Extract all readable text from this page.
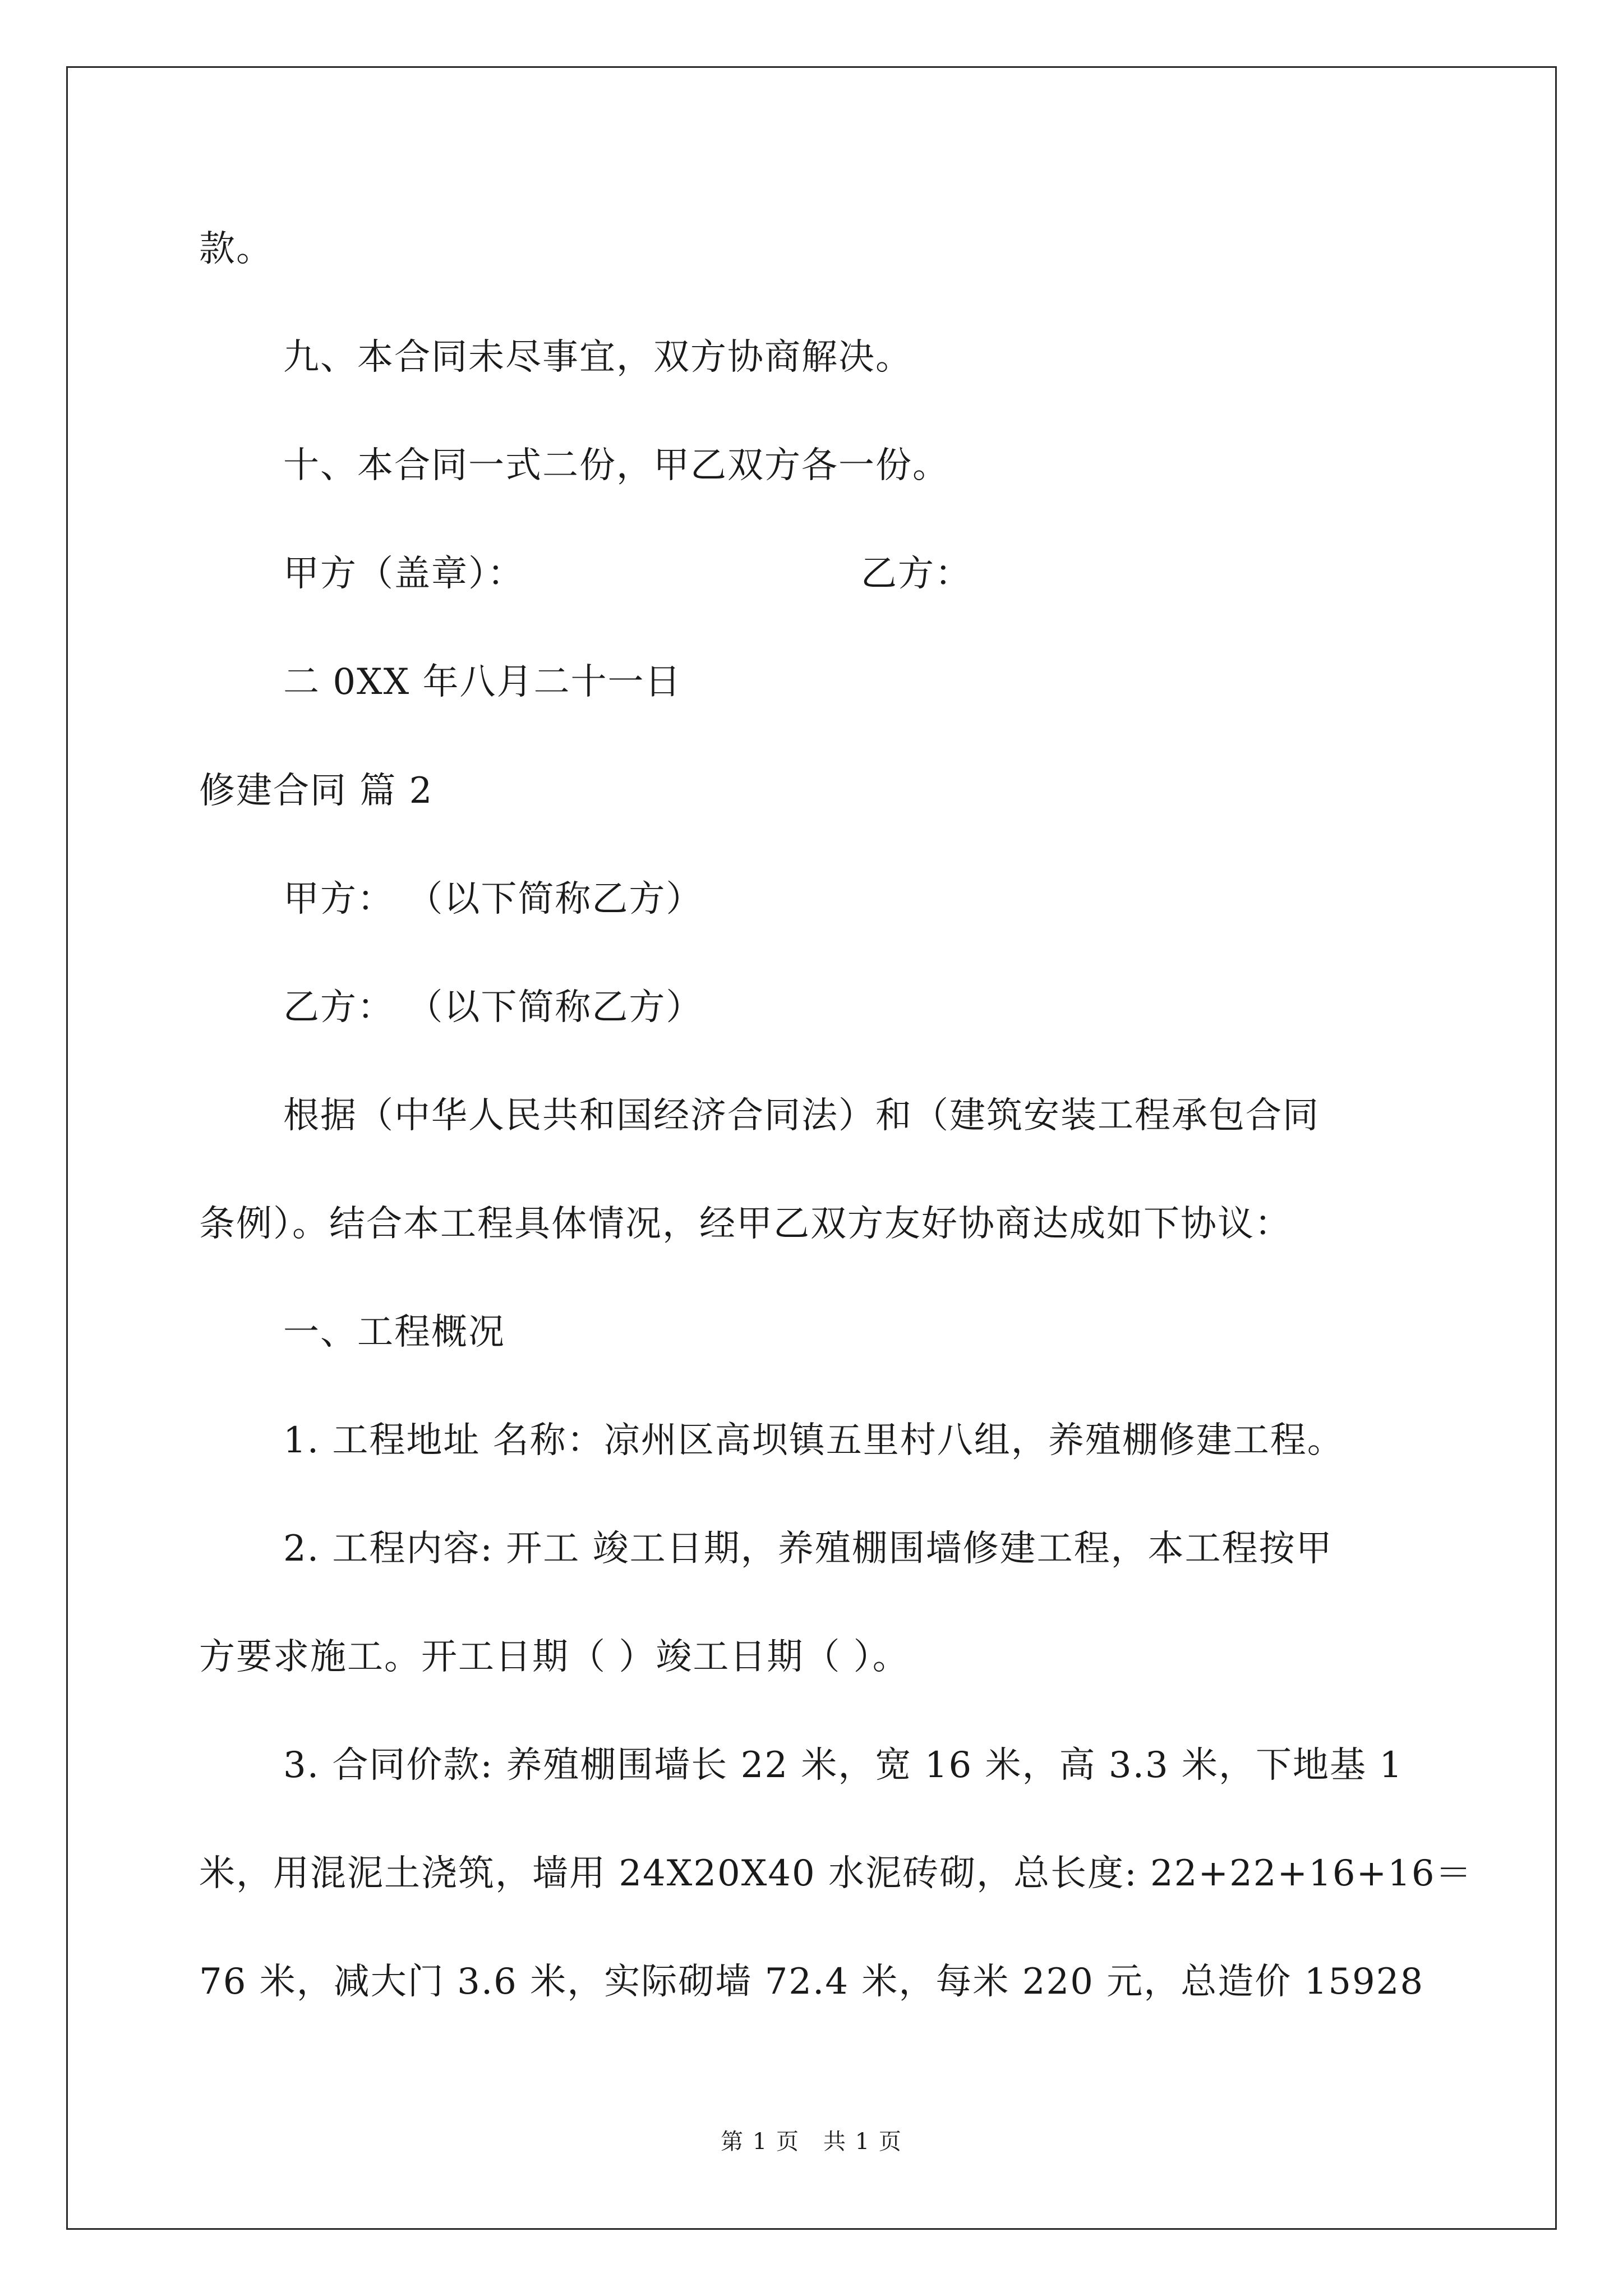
款。
九、本合同未尽事宜，双方协商解决。
十、本合同一式二份，甲乙双方各一份。
甲方（盖章）：	乙方：
二 0XX 年八月二十一日
修建合同 篇 2
甲方： （以下简称乙方）
乙方： （以下简称乙方）
根据（中华人民共和国经济合同法）和（建筑安装工程承包合同
条例）。结合本工程具体情况，经甲乙双方友好协商达成如下协议：
一、工程概况
1. 工程地址 名称：凉州区高坝镇五里村八组，养殖棚修建工程。
2. 工程内容: 开工 竣工日期，养殖棚围墙修建工程，本工程按甲
方要求施工。开工日期（ ）竣工日期（ ）。
3. 合同价款: 养殖棚围墙长 22 米，宽 16 米，高 3.3 米，下地基 1
米，用混泥土浇筑，墙用 24X20X40 水泥砖砌，总长度: 22+22+16+16＝
76 米，减大门 3.6 米，实际砌墙 72.4 米，每米 220 元，总造价 15928
第 1 页　共 1 页
